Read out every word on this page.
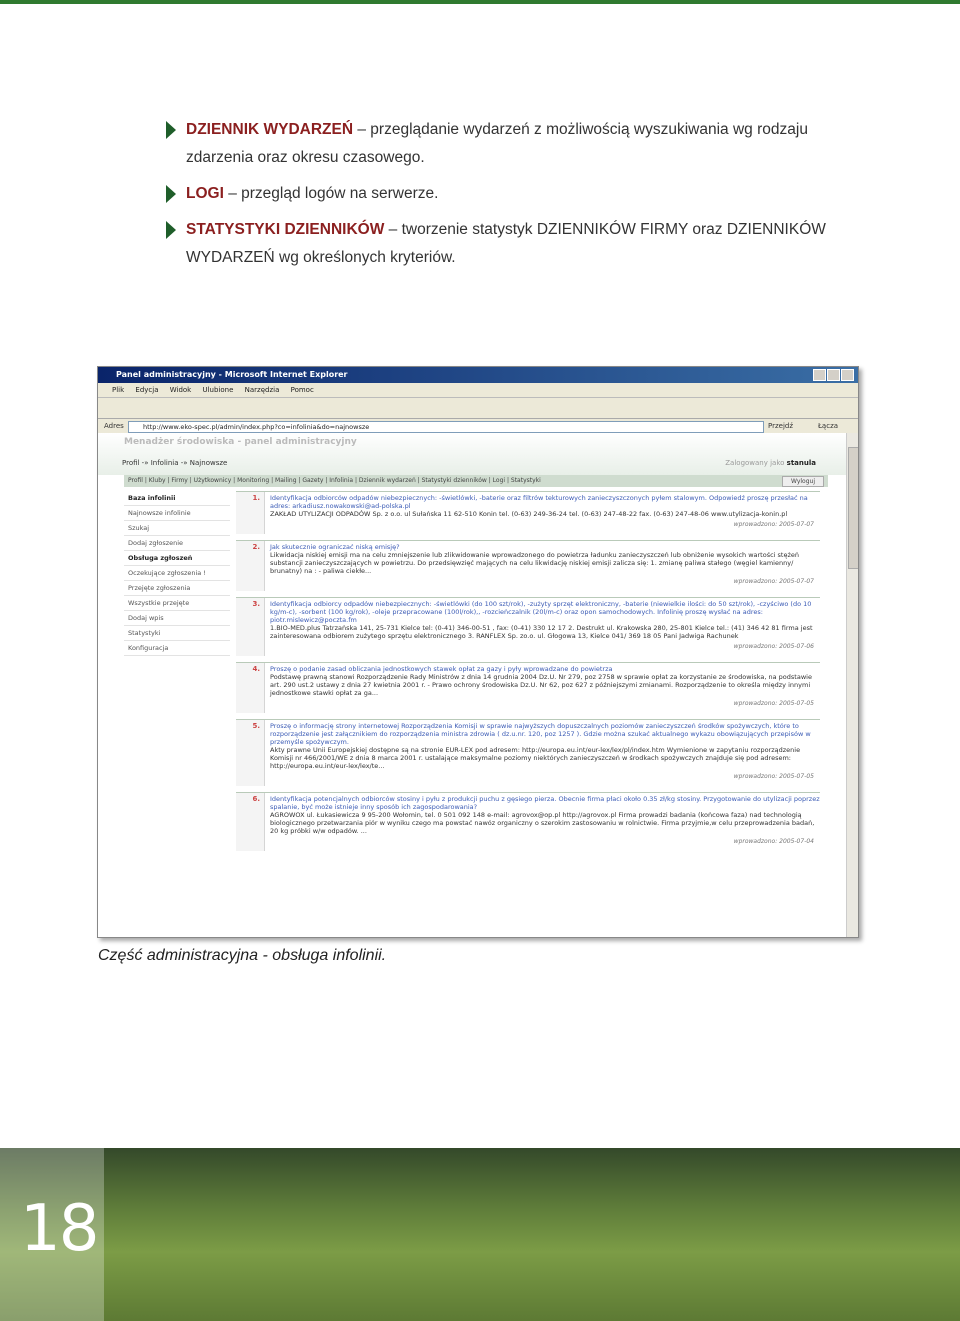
DZIENNIK WYDARZEŃ – przeglądanie wydarzeń z możliwością wyszukiwania wg rodzaju zdarzenia oraz okresu czasowego.
LOGI – przegląd logów na serwerze.
STATYSTYKI DZIENNIKÓW – tworzenie statystyk DZIENNIKÓW FIRMY oraz DZIENNIKÓW WYDARZEŃ wg określonych kryteriów.
Panel administracyjny - Microsoft Internet Explorer
Plik Edycja Widok Ulubione Narzędzia Pomoc
Adres	http://www.eko-spec.pl/admin/index.php?co=infolinia&do=najnowsze	Przejdź	Łącza
Menadżer środowiska - panel administracyjny
Profil -» Infolinia -» Najnowsze	Zalogowany jako stanula
Profil | Kluby | Firmy | Użytkownicy | Monitoring | Mailing | Gazety | Infolinia | Dziennik wydarzeń | Statystyki dzienników | Logi | Statystyki	Wyloguj
Baza infolinii
Najnowsze infolinie
Szukaj
Dodaj zgłoszenie
Obsługa zgłoszeń
Oczekujące zgłoszenia !
Przejęte zgłoszenia
Wszystkie przejęte
Dodaj wpis
Statystyki
Konfiguracja
1. Identyfikacja odbiorców odpadów niebezpiecznych: -świetlówki, -baterie oraz filtrów tekturowych zanieczyszczonych pyłem stalowym. Odpowiedź proszę przesłać na adres: arkadiusz.nowakowski@ad-polska.pl
ZAKŁAD UTYLIZACJI ODPADÓW Sp. z o.o. ul Sułańska 11 62-510 Konin tel. (0-63) 249-36-24 tel. (0-63) 247-48-22 fax. (0-63) 247-48-06 www.utylizacja-konin.pl
wprowadzono: 2005-07-07
2. Jak skutecznie ograniczać niską emisję?
Likwidacja niskiej emisji ma na celu zmniejszenie lub zlikwidowanie wprowadzonego do powietrza ładunku zanieczyszczeń lub obniżenie wysokich wartości stężeń substancji zanieczyszczających w powietrzu. Do przedsięwzięć mających na celu likwidację niskiej emisji zalicza się: 1. zmianę paliwa stałego (węgiel kamienny/ brunatny) na : - paliwa ciekłe...
wprowadzono: 2005-07-07
3. Identyfikacja odbiorcy odpadów niebezpiecznych: -świetlówki (do 100 szt/rok), -zużyty sprzęt elektroniczny, -baterie (niewielkie ilości: do 50 szt/rok), -czyściwo (do 10 kg/m-c), -sorbent (100 kg/rok), -oleje przepracowane (100l/rok),, -rozcieńczalnik (20l/m-c) oraz opon samochodowych. Infolinię proszę wysłać na adres: piotr.mislewicz@poczta.fm
1.BIO-MED.plus Tatrzańska 141, 25-731 Kielce tel: (0-41) 346-00-51 , fax: (0-41) 330 12 17 2. Destrukt ul. Krakowska 280, 25-801 Kielce tel.: (41) 346 42 81 firma jest zainteresowana odbiorem zużytego sprzętu elektronicznego 3. RANFLEX Sp. zo.o. ul. Głogowa 13, Kielce 041/ 369 18 05 Pani Jadwiga Rachunek
wprowadzono: 2005-07-06
4. Proszę o podanie zasad obliczania jednostkowych stawek opłat za gazy i pyły wprowadzane do powietrza
Podstawę prawną stanowi Rozporządzenie Rady Ministrów z dnia 14 grudnia 2004 Dz.U. Nr 279, poz 2758 w sprawie opłat za korzystanie ze środowiska, na podstawie art. 290 ust.2 ustawy z dnia 27 kwietnia 2001 r. - Prawo ochrony środowiska Dz.U. Nr 62, poz 627 z późniejszymi zmianami. Rozporządzenie to określa między innymi jednostkowe stawki opłat za ga...
wprowadzono: 2005-07-05
5. Proszę o informację strony internetowej Rozporządzenia Komisji w sprawie najwyższych dopuszczalnych poziomów zanieczyszczeń środków spożywczych, które to rozporządzenie jest załącznikiem do rozporządzenia ministra zdrowia ( dz.u.nr. 120, poz 1257 ). Gdzie można szukać aktualnego wykazu obowiązujących przepisów w przemyśle spożywczym.
Akty prawne Unii Europejskiej dostępne są na stronie EUR-LEX pod adresem: http://europa.eu.int/eur-lex/lex/pl/index.htm Wymienione w zapytaniu rozporządzenie Komisji nr 466/2001/WE z dnia 8 marca 2001 r. ustalające maksymalne poziomy niektórych zanieczyszczeń w środkach spożywczych znajduje się pod adresem: http://europa.eu.int/eur-lex/lex/te...
wprowadzono: 2005-07-05
6. Identyfikacja potencjalnych odbiorców stosiny i pyłu z produkcji puchu z gęsiego pierza. Obecnie firma płaci około 0.35 zł/kg stosiny. Przygotowanie do utylizacji poprzez spalanie, być może istnieje inny sposób ich zagospodarowania?
AGROWOX ul. Łukasiewicza 9 95-200 Wołomin, tel. 0 501 092 148 e-mail: agrovox@op.pl http://agrovox.pl Firma prowadzi badania (końcowa faza) nad technologią biologicznego przetwarzania piór w wyniku czego ma powstać nawóz organiczny o szerokim zastosowaniu w rolnictwie. Firma przyjmie,w celu przeprowadzenia badań, 20 kg próbki w/w odpadów. ...
wprowadzono: 2005-07-04
Część administracyjna - obsługa infolinii.
18
